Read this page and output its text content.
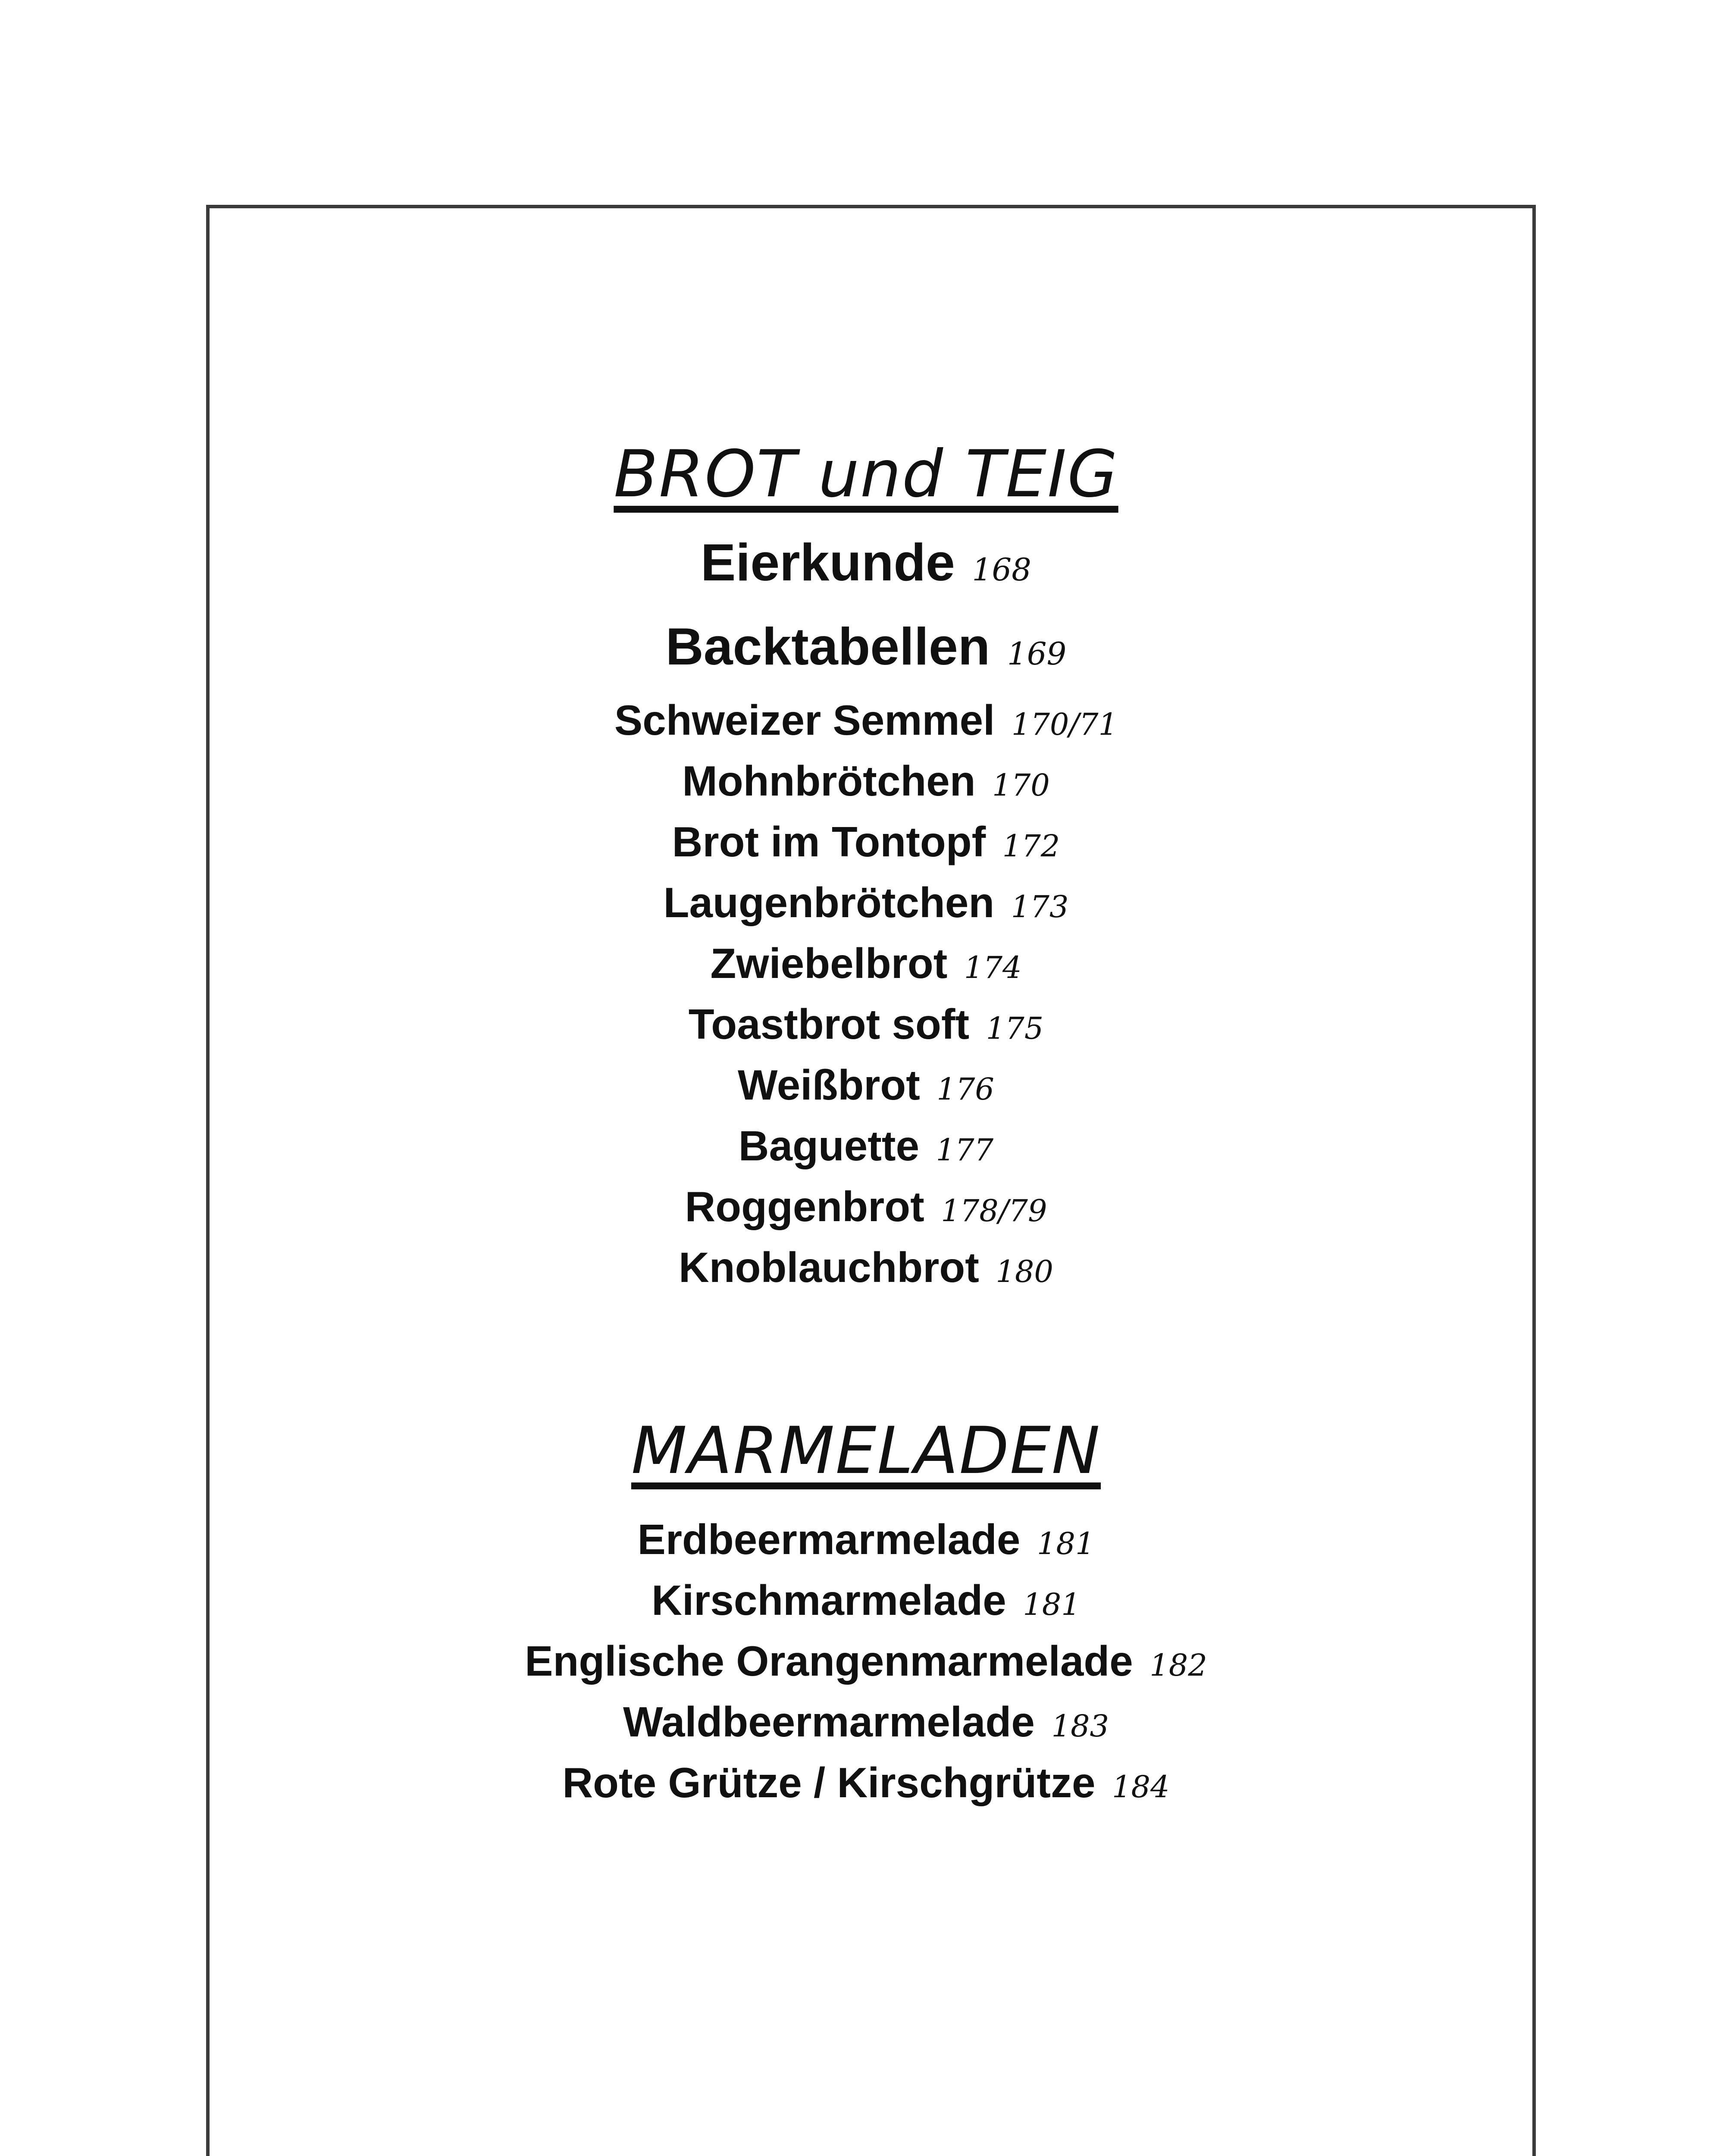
BROT und TEIG
Eierkunde 168
Backtabellen 169
Schweizer Semmel 170/71
Mohnbrötchen 170
Brot im Tontopf 172
Laugenbrötchen 173
Zwiebelbrot 174
Toastbrot soft 175
Weißbrot 176
Baguette 177
Roggenbrot 178/79
Knoblauchbrot 180
MARMELADEN
Erdbeermarmelade 181
Kirschmarmelade 181
Englische Orangenmarmelade 182
Waldbeermarmelade 183
Rote Grütze / Kirschgrütze 184
